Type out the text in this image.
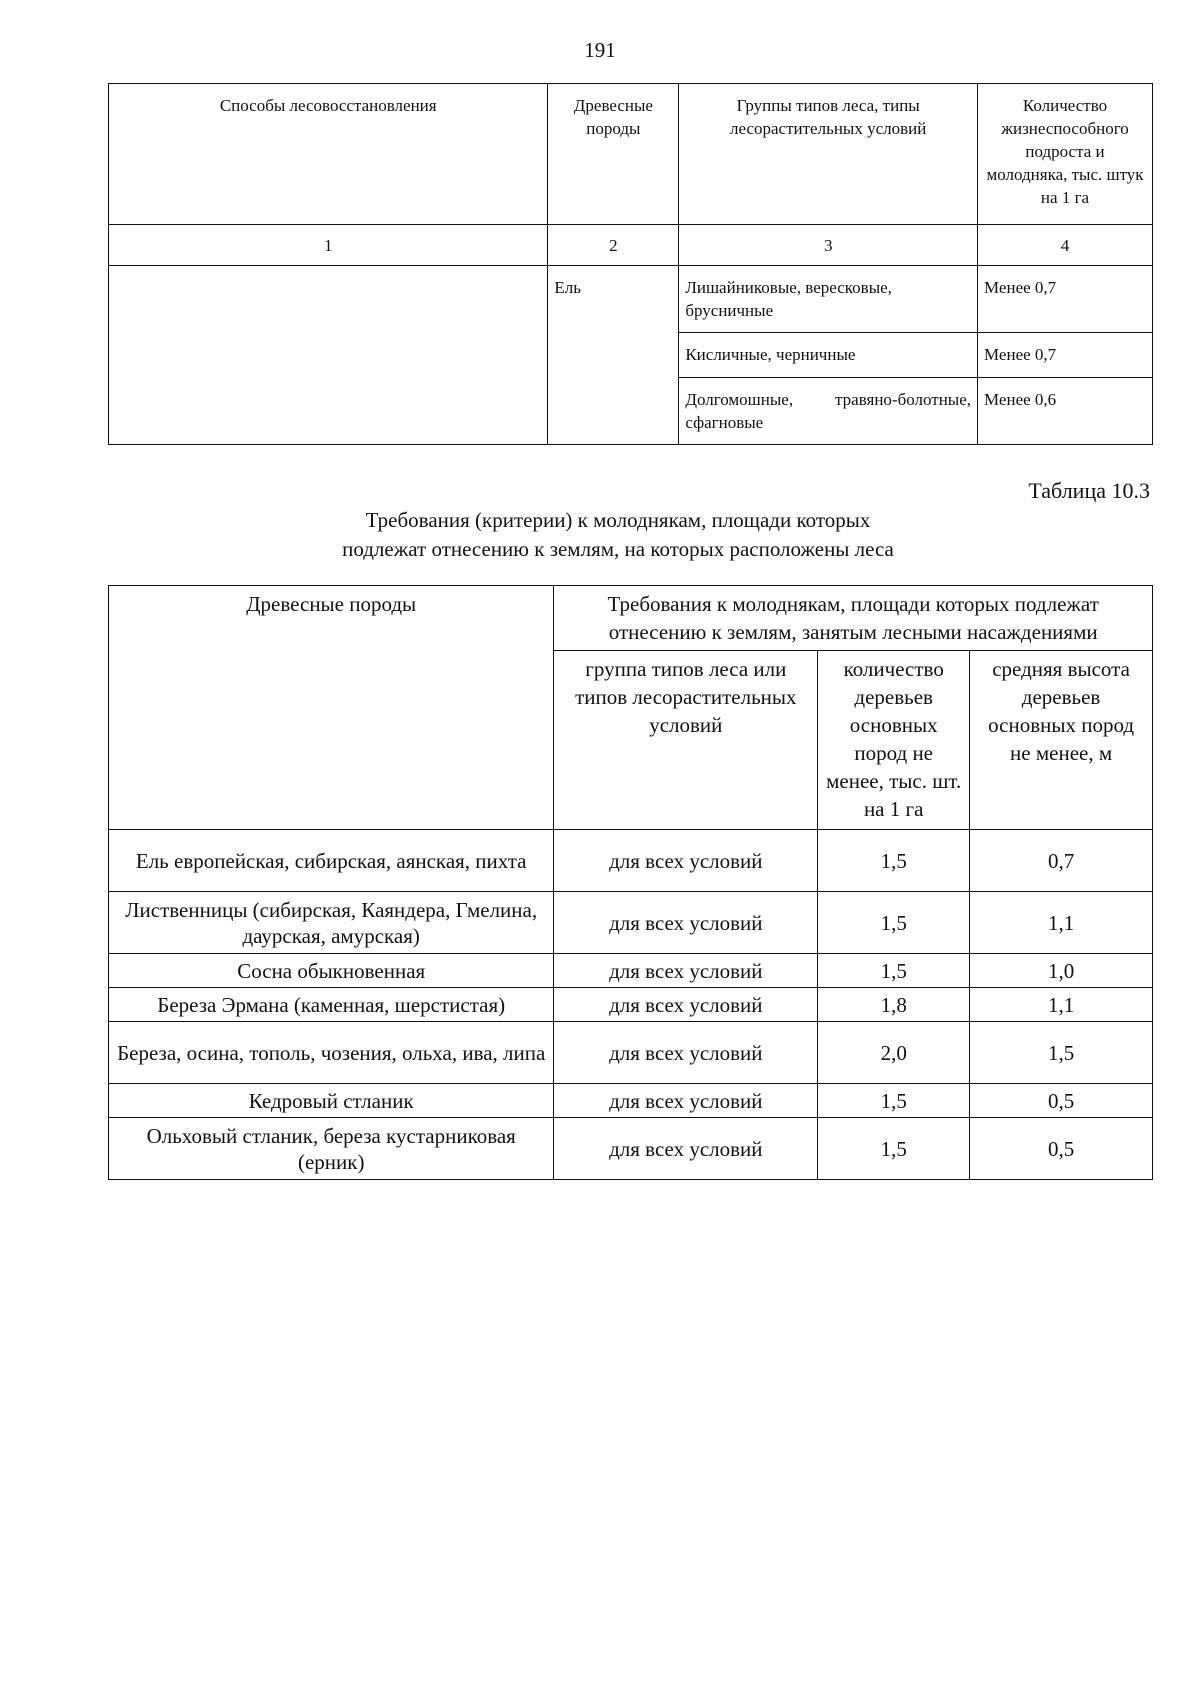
191
Способы лесовосстановления	Древесные породы	Группы типов леса, типы лесорастительных условий	Количество жизнеспособного подроста и молодняка, тыс. штук на 1 га
1	2	3	4
	Ель	Лишайниковые, вересковые, брусничные	Менее 0,7
		Кисличные, черничные	Менее 0,7
		Долгомошные, травяно-болотные, сфагновые	Менее 0,6
Таблица 10.3
Требования (критерии) к молоднякам, площади которых
подлежат отнесению к землям, на которых расположены леса
Древесные породы	Требования к молоднякам, площади которых подлежат отнесению к землям, занятым лесными насаждениями		
	группа типов леса или типов лесорастительных условий	количество деревьев основных пород не менее, тыс. шт. на 1 га	средняя высота деревьев основных пород не менее, м
Ель европейская, сибирская, аянская, пихта	для всех условий	1,5	0,7
Лиственницы (сибирская, Каяндера, Гмелина, даурская, амурская)	для всех условий	1,5	1,1
Сосна обыкновенная	для всех условий	1,5	1,0
Береза Эрмана (каменная, шерстистая)	для всех условий	1,8	1,1
Береза, осина, тополь, чозения, ольха, ива, липа	для всех условий	2,0	1,5
Кедровый стланик	для всех условий	1,5	0,5
Ольховый стланик, береза кустарниковая (ерник)	для всех условий	1,5	0,5
